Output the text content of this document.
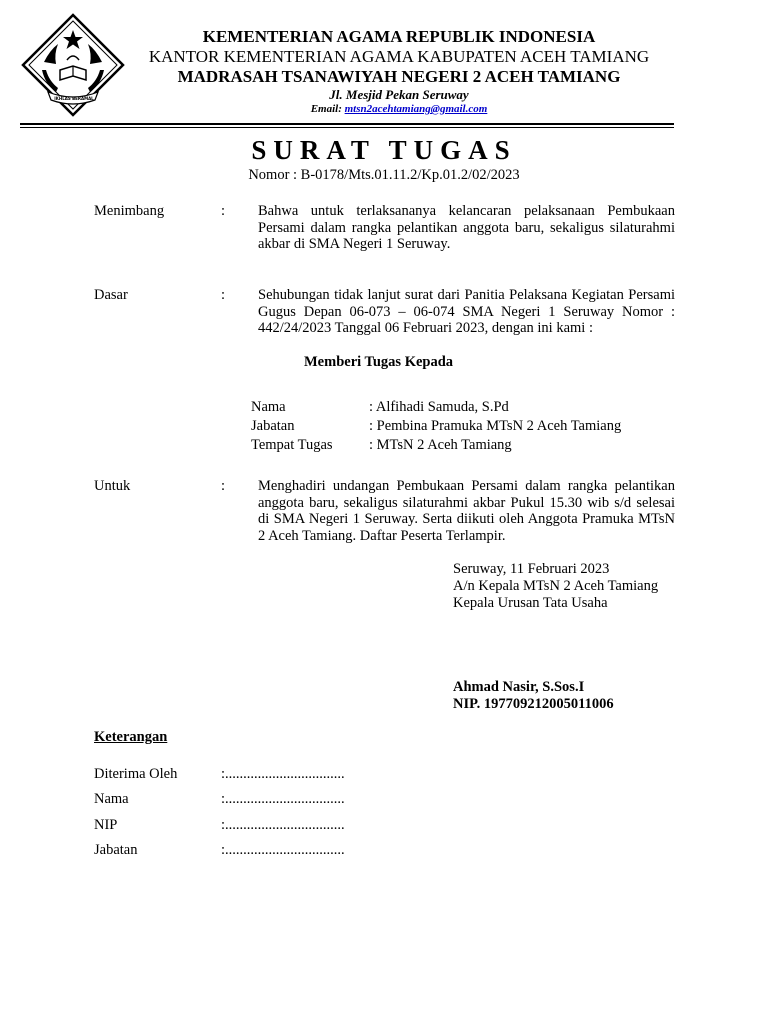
IKHLAS BERAMAL
KEMENTERIAN AGAMA REPUBLIK INDONESIA
KANTOR KEMENTERIAN AGAMA KABUPATEN ACEH TAMIANG
MADRASAH TSANAWIYAH NEGERI 2 ACEH TAMIANG
Jl. Mesjid Pekan Seruway
Email: mtsn2acehtamiang@gmail.com
SURAT TUGAS
Nomor : B-0178/Mts.01.11.2/Kp.01.2/02/2023
Menimbang	: Bahwa untuk terlaksananya kelancaran pelaksanaan Pembukaan Persami dalam rangka pelantikan anggota baru, sekaligus silaturahmi akbar di SMA Negeri 1 Seruway.
Dasar	: Sehubungan tidak lanjut surat dari Panitia Pelaksana Kegiatan Persami Gugus Depan 06-073 – 06-074 SMA Negeri 1 Seruway Nomor : 442/24/2023 Tanggal 06 Februari 2023, dengan ini kami :
Memberi Tugas Kepada
Nama	: Alfihadi Samuda, S.Pd
Jabatan	: Pembina Pramuka MTsN 2 Aceh Tamiang
Tempat Tugas	: MTsN 2 Aceh Tamiang
Untuk	: Menghadiri undangan Pembukaan Persami dalam rangka pelantikan anggota baru, sekaligus silaturahmi akbar Pukul 15.30 wib s/d selesai di SMA Negeri 1 Seruway. Serta diikuti oleh Anggota Pramuka MTsN 2 Aceh Tamiang. Daftar Peserta Terlampir.
Seruway, 11 Februari 2023
A/n Kepala MTsN 2 Aceh Tamiang
Kepala Urusan Tata Usaha
Ahmad Nasir, S.Sos.I
NIP. 197709212005011006
Keterangan
Diterima Oleh	:.................................
Nama	:.................................
NIP	:.................................
Jabatan	:.................................
